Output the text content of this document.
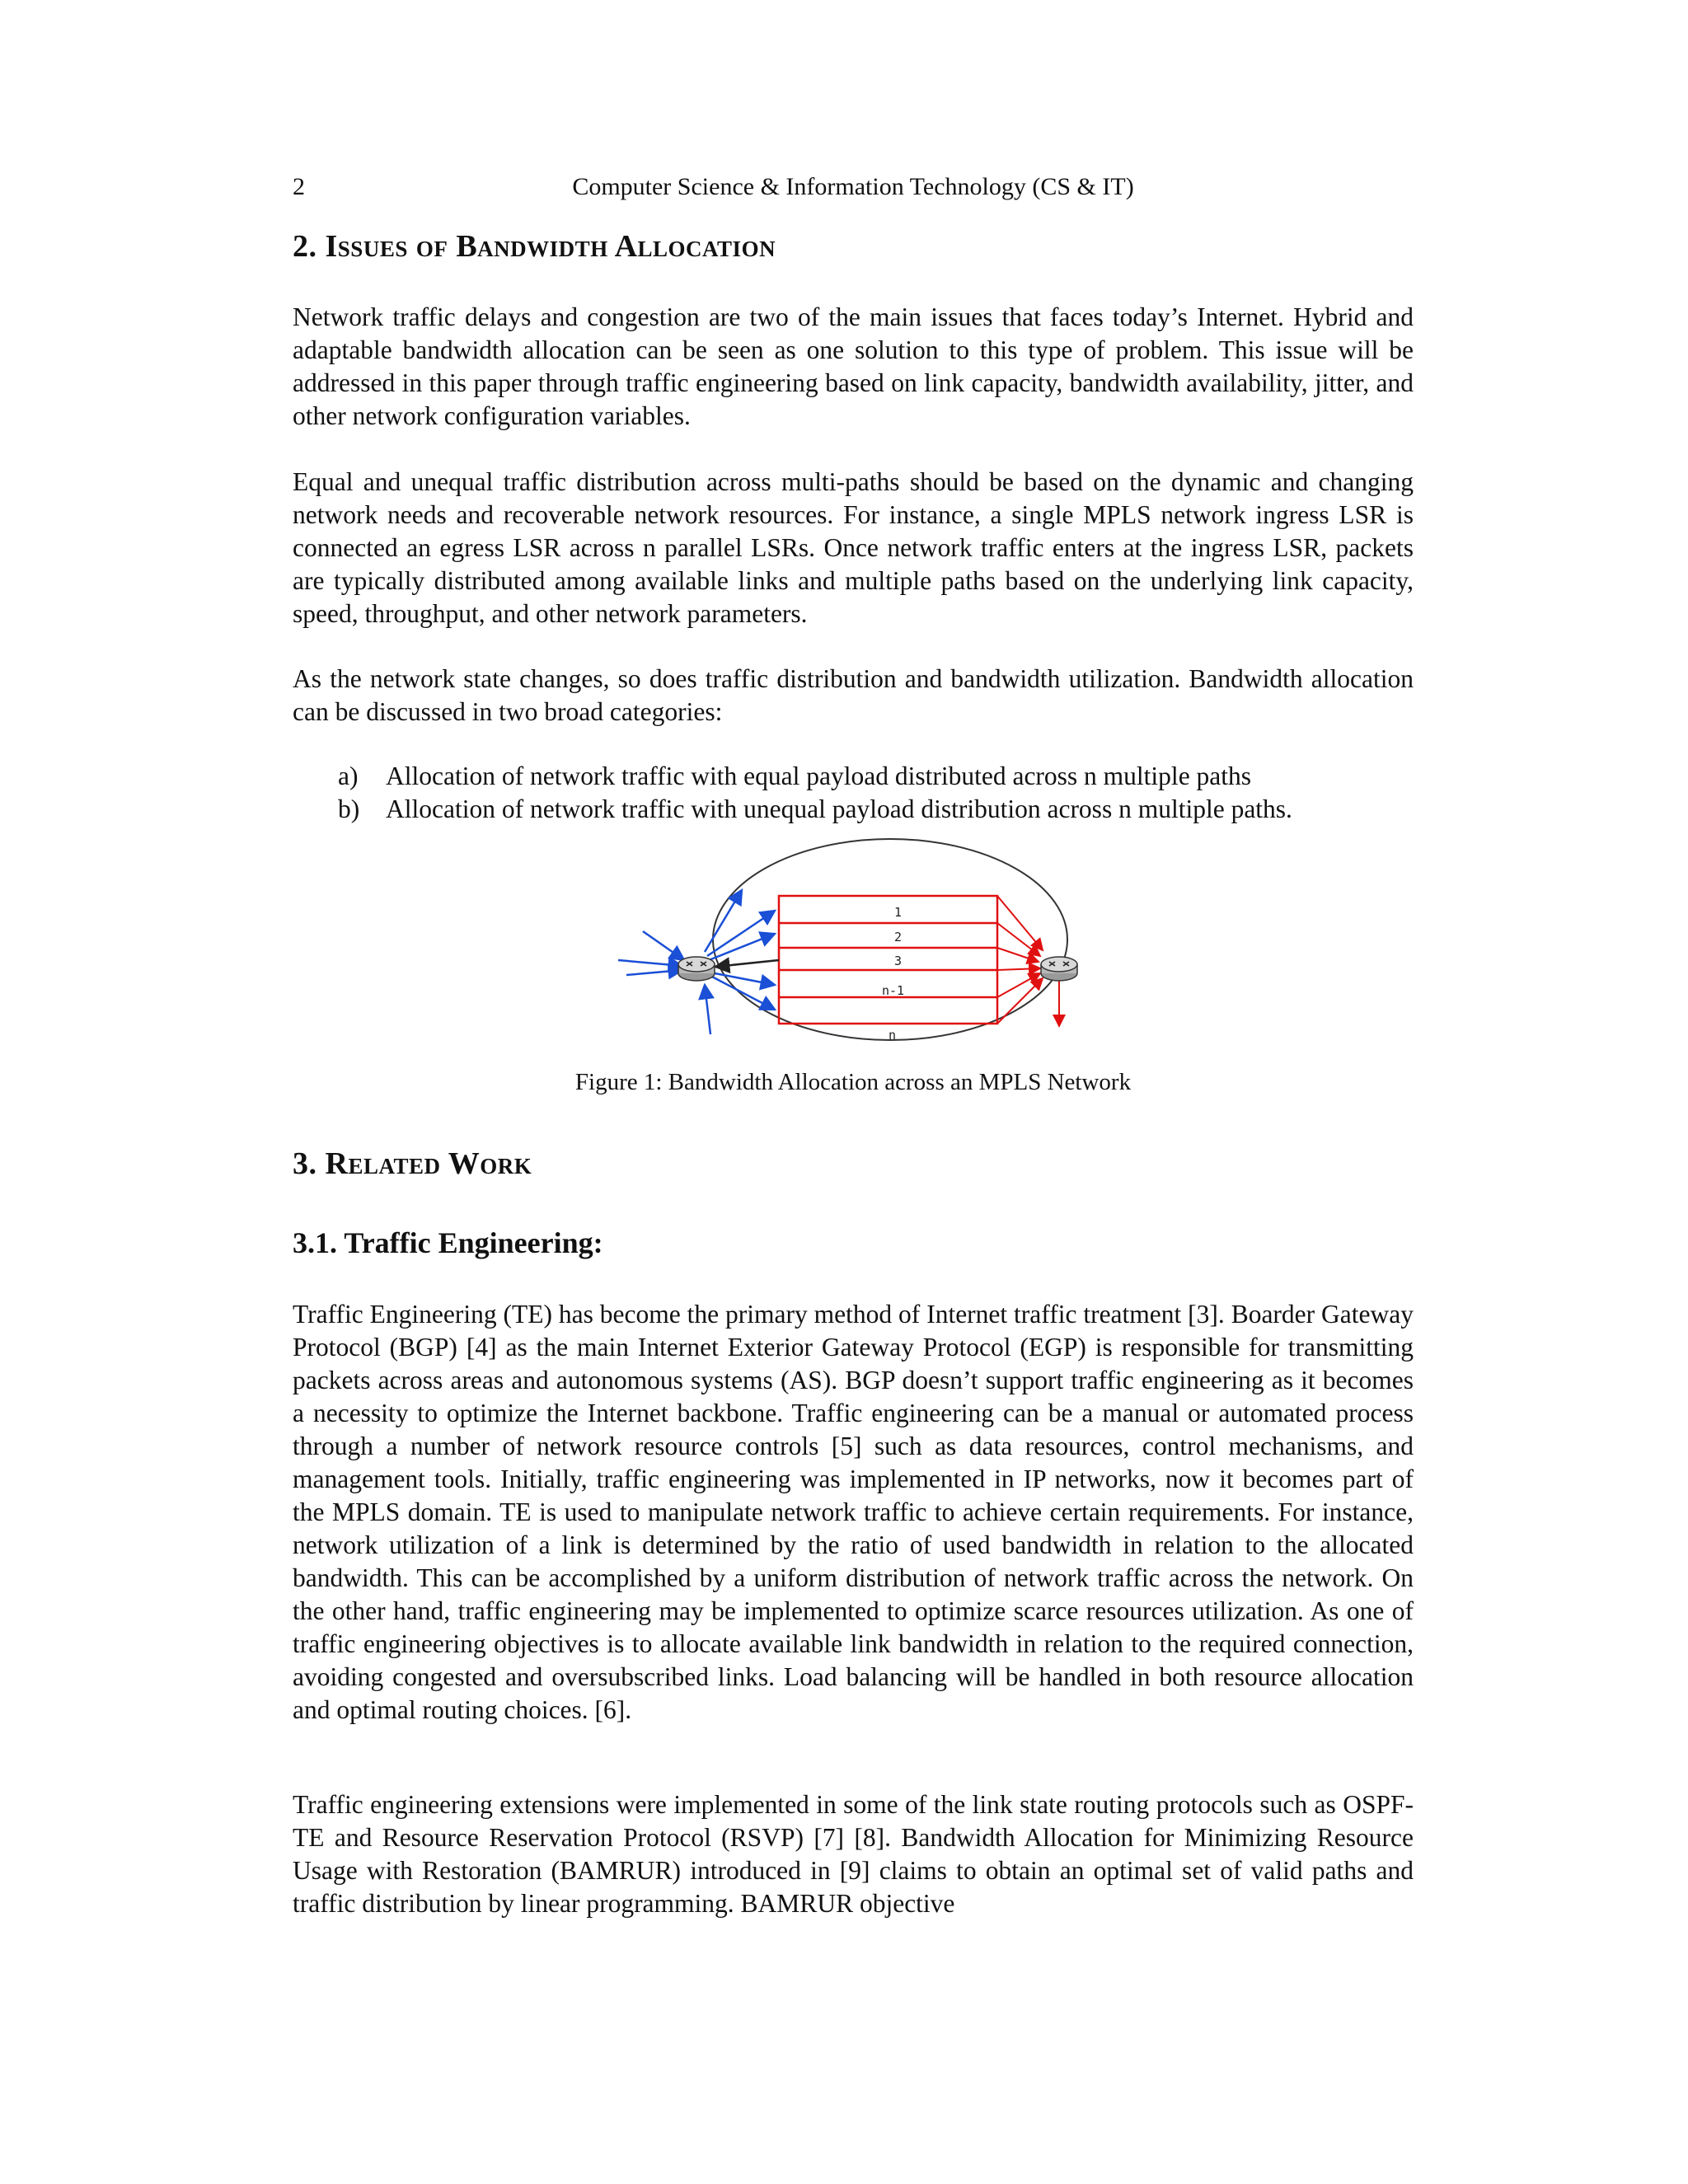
2	Computer Science & Information Technology (CS & IT)
2. Issues of Bandwidth Allocation

Network traffic delays and congestion are two of the main issues that faces today’s Internet. Hybrid and adaptable bandwidth allocation can be seen as one solution to this type of problem. This issue will be addressed in this paper through traffic engineering based on link capacity, bandwidth availability, jitter, and other network configuration variables.

Equal and unequal traffic distribution across multi-paths should be based on the dynamic and changing network needs and recoverable network resources. For instance, a single MPLS network ingress LSR is connected an egress LSR across n parallel LSRs. Once network traffic enters at the ingress LSR, packets are typically distributed among available links and multiple paths based on the underlying link capacity, speed, throughput, and other network parameters.

As the network state changes, so does traffic distribution and bandwidth utilization. Bandwidth allocation can be discussed in two broad categories:

a)	Allocation of network traffic with equal payload distributed across n multiple paths
b)	Allocation of network traffic with unequal payload distribution across n multiple paths.
1
2
3
n-1
n
Figure 1: Bandwidth Allocation across an MPLS Network
3. Related Work
3.1. Traffic Engineering:

Traffic Engineering (TE) has become the primary method of Internet traffic treatment [3]. Boarder Gateway Protocol (BGP) [4] as the main Internet Exterior Gateway Protocol (EGP) is responsible for transmitting packets across areas and autonomous systems (AS). BGP doesn’t support traffic engineering as it becomes a necessity to optimize the Internet backbone. Traffic engineering can be a manual or automated process through a number of network resource controls [5] such as data resources, control mechanisms, and management tools. Initially, traffic engineering was implemented in IP networks, now it becomes part of the MPLS domain. TE is used to manipulate network traffic to achieve certain requirements. For instance, network utilization of a link is determined by the ratio of used bandwidth in relation to the allocated bandwidth. This can be accomplished by a uniform distribution of network traffic across the network. On the other hand, traffic engineering may be implemented to optimize scarce resources utilization. As one of traffic engineering objectives is to allocate available link bandwidth in relation to the required connection, avoiding congested and oversubscribed links. Load balancing will be handled in both resource allocation and optimal routing choices. [6].

Traffic engineering extensions were implemented in some of the link state routing protocols such as OSPF-TE and Resource Reservation Protocol (RSVP) [7] [8]. Bandwidth Allocation for Minimizing Resource Usage with Restoration (BAMRUR) introduced in [9] claims to obtain an optimal set of valid paths and traffic distribution by linear programming. BAMRUR objective
